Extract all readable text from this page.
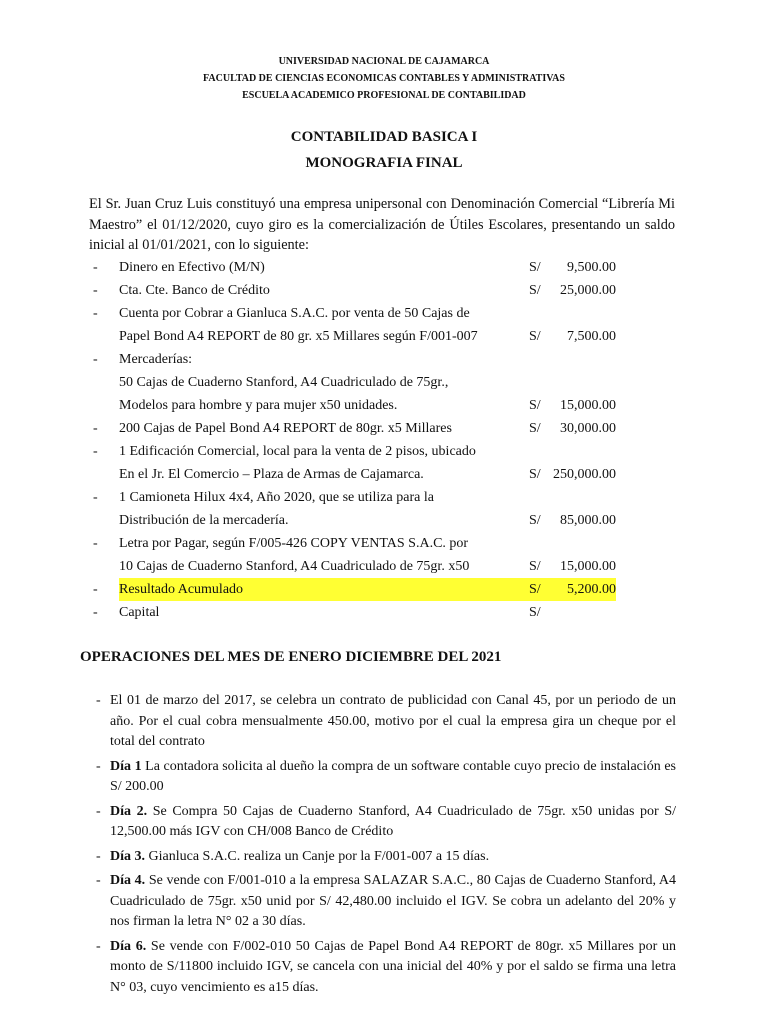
UNIVERSIDAD NACIONAL DE CAJAMARCA
FACULTAD DE CIENCIAS ECONOMICAS CONTABLES Y ADMINISTRATIVAS
ESCUELA ACADEMICO PROFESIONAL DE CONTABILIDAD
CONTABILIDAD BASICA I
MONOGRAFIA FINAL
El Sr. Juan Cruz Luis constituyó una empresa unipersonal con Denominación Comercial “Librería Mi Maestro” el 01/12/2020, cuyo giro es la comercialización de Útiles Escolares, presentando un saldo inicial al 01/01/2021, con lo siguiente:
-	Dinero en Efectivo (M/N)	S/	9,500.00
-	Cta. Cte. Banco de Crédito	S/	25,000.00
-	Cuenta por Cobrar a Gianluca S.A.C. por venta de 50 Cajas de
Papel Bond A4 REPORT de 80 gr. x5 Millares según F/001-007	S/	7,500.00
-	Mercaderías:
50 Cajas de Cuaderno Stanford, A4 Cuadriculado de 75gr.,
Modelos para hombre y para mujer x50 unidades.	S/	15,000.00
-	200 Cajas de Papel Bond A4 REPORT de 80gr. x5 Millares	S/	30,000.00
-	1 Edificación Comercial, local para la venta de 2 pisos, ubicado
En el Jr. El Comercio – Plaza de Armas de Cajamarca.	S/ 250,000.00
-	1 Camioneta Hilux 4x4, Año 2020, que se utiliza para la
Distribución de la mercadería.	S/	85,000.00
-	Letra por Pagar, según F/005-426 COPY VENTAS S.A.C. por
10 Cajas de Cuaderno Stanford, A4 Cuadriculado de 75gr. x50	S/	15,000.00
-	Resultado Acumulado	S/	5,200.00
-	Capital	S/
OPERACIONES DEL MES DE ENERO DICIEMBRE DEL 2021
- El 01 de marzo del 2017, se celebra un contrato de publicidad con Canal 45, por un periodo de un año. Por el cual cobra mensualmente 450.00, motivo por el cual la empresa gira un cheque por el total del contrato
- Día 1 La contadora solicita al dueño la compra de un software contable cuyo precio de instalación es S/ 200.00
- Día 2. Se Compra 50 Cajas de Cuaderno Stanford, A4 Cuadriculado de 75gr. x50 unidas por S/ 12,500.00 más IGV con CH/008 Banco de Crédito
- Día 3. Gianluca S.A.C. realiza un Canje por la F/001-007 a 15 días.
- Día 4. Se vende con F/001-010 a la empresa SALAZAR S.A.C., 80 Cajas de Cuaderno Stanford, A4 Cuadriculado de 75gr. x50 unid por S/ 42,480.00 incluido el IGV. Se cobra un adelanto del 20% y nos firman la letra N° 02 a 30 días.
- Día 6. Se vende con F/002-010 50 Cajas de Papel Bond A4 REPORT de 80gr. x5 Millares por un monto de S/11800 incluido IGV, se cancela con una inicial del 40% y por el saldo se firma una letra N° 03, cuyo vencimiento es a15 días.
